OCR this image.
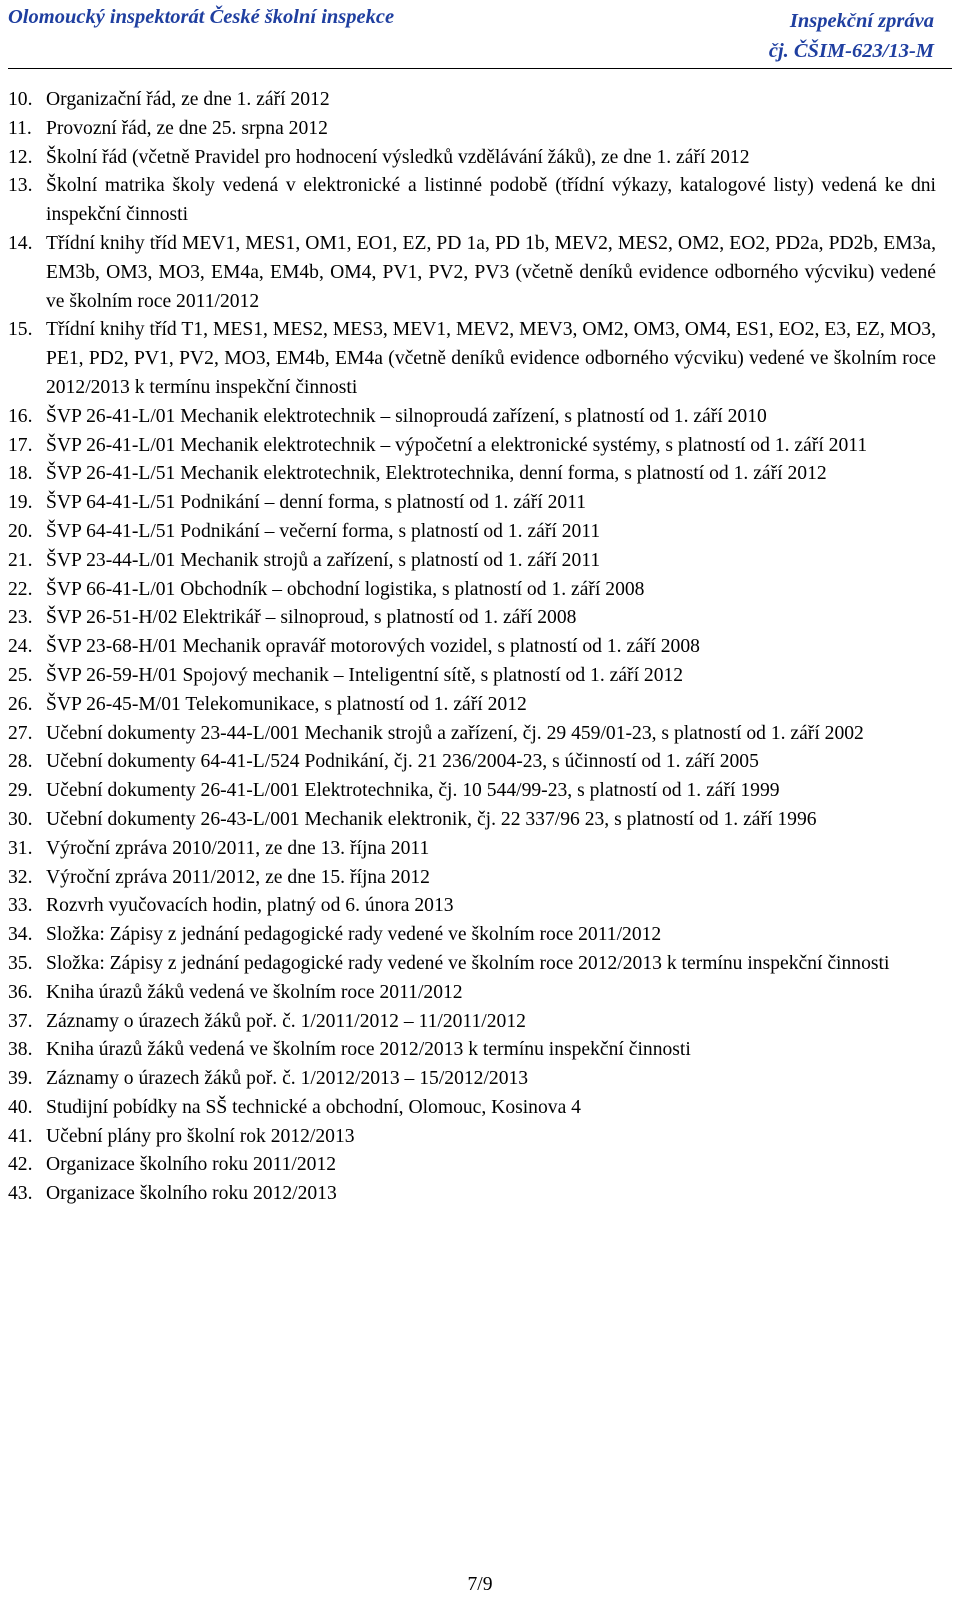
Olomoucký inspektorát České školní inspekce	Inspekční zpráva
čj. ČŠIM-623/13-M
10. Organizační řád, ze dne 1. září 2012
11. Provozní řád, ze dne 25. srpna 2012
12. Školní řád (včetně Pravidel pro hodnocení výsledků vzdělávání žáků), ze dne 1. září 2012
13. Školní matrika školy vedená v elektronické a listinné podobě (třídní výkazy, katalogové listy) vedená ke dni inspekční činnosti
14. Třídní knihy tříd MEV1, MES1, OM1, EO1, EZ, PD 1a, PD 1b, MEV2, MES2, OM2, EO2, PD2a, PD2b, EM3a, EM3b, OM3, MO3, EM4a, EM4b, OM4, PV1, PV2, PV3 (včetně deníků evidence odborného výcviku) vedené ve školním roce 2011/2012
15. Třídní knihy tříd T1, MES1, MES2, MES3, MEV1, MEV2, MEV3, OM2, OM3, OM4, ES1, EO2, E3, EZ, MO3, PE1, PD2, PV1, PV2, MO3, EM4b, EM4a (včetně deníků evidence odborného výcviku) vedené ve školním roce 2012/2013 k termínu inspekční činnosti
16. ŠVP 26-41-L/01 Mechanik elektrotechnik – silnoproudá zařízení, s platností od 1. září 2010
17. ŠVP 26-41-L/01 Mechanik elektrotechnik – výpočetní a elektronické systémy, s platností od 1. září 2011
18. ŠVP 26-41-L/51 Mechanik elektrotechnik, Elektrotechnika, denní forma, s platností od 1. září 2012
19. ŠVP 64-41-L/51 Podnikání – denní forma, s platností od 1. září 2011
20. ŠVP 64-41-L/51 Podnikání – večerní forma, s platností od 1. září 2011
21. ŠVP 23-44-L/01 Mechanik strojů a zařízení, s platností od 1. září 2011
22. ŠVP 66-41-L/01 Obchodník – obchodní logistika, s platností od 1. září 2008
23. ŠVP 26-51-H/02 Elektrikář – silnoproud, s platností od 1. září 2008
24. ŠVP 23-68-H/01 Mechanik opravář motorových vozidel, s platností od 1. září 2008
25. ŠVP 26-59-H/01 Spojový mechanik – Inteligentní sítě, s platností od 1. září 2012
26. ŠVP 26-45-M/01 Telekomunikace, s platností od 1. září 2012
27. Učební dokumenty 23-44-L/001 Mechanik strojů a zařízení, čj. 29 459/01-23, s platností od 1. září 2002
28. Učební dokumenty 64-41-L/524 Podnikání, čj. 21 236/2004-23, s účinností od 1. září 2005
29. Učební dokumenty 26-41-L/001 Elektrotechnika, čj. 10 544/99-23, s platností od 1. září 1999
30. Učební dokumenty 26-43-L/001 Mechanik elektronik, čj. 22 337/96 23, s platností od 1. září 1996
31. Výroční zpráva 2010/2011, ze dne 13. října 2011
32. Výroční zpráva 2011/2012, ze dne 15. října 2012
33. Rozvrh vyučovacích hodin, platný od 6. února 2013
34. Složka: Zápisy z jednání pedagogické rady vedené ve školním roce 2011/2012
35. Složka: Zápisy z jednání pedagogické rady vedené ve školním roce 2012/2013 k termínu inspekční činnosti
36. Kniha úrazů žáků vedená ve školním roce 2011/2012
37. Záznamy o úrazech žáků poř. č. 1/2011/2012 – 11/2011/2012
38. Kniha úrazů žáků vedená ve školním roce 2012/2013 k termínu inspekční činnosti
39. Záznamy o úrazech žáků poř. č. 1/2012/2013 – 15/2012/2013
40. Studijní pobídky na SŠ technické a obchodní, Olomouc, Kosinova 4
41. Učební plány pro školní rok 2012/2013
42. Organizace školního roku 2011/2012
43. Organizace školního roku 2012/2013
7/9
